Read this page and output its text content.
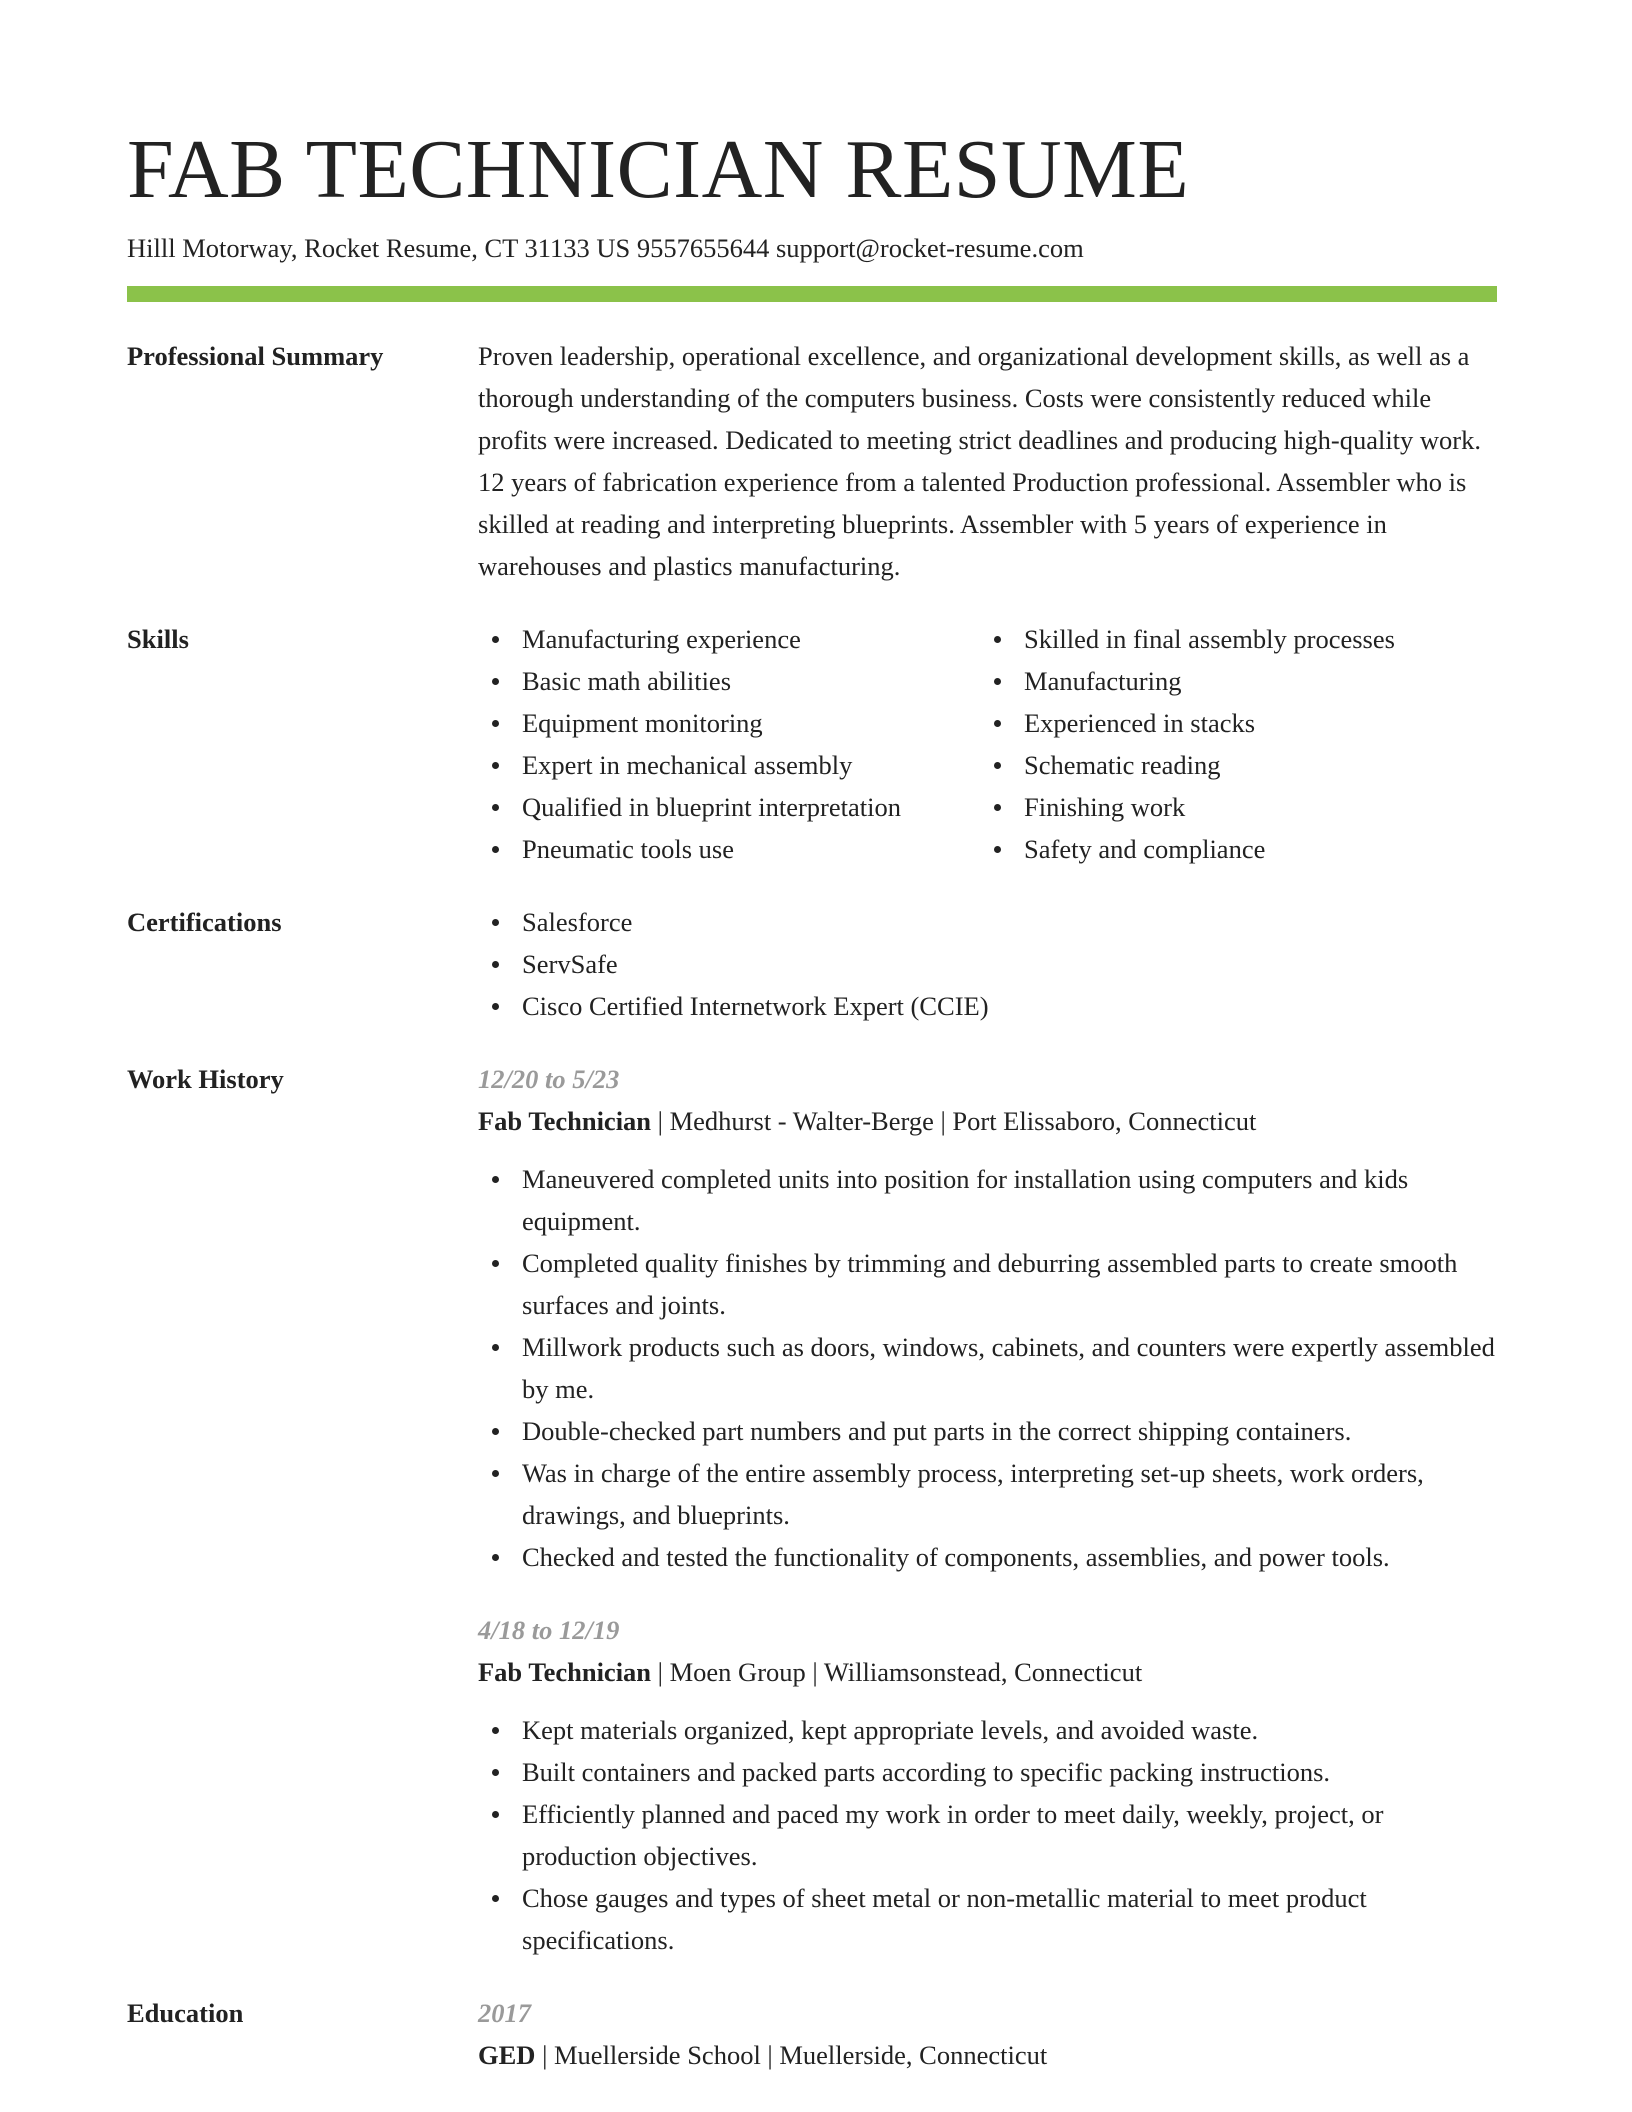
FAB TECHNICIAN RESUME
Hilll Motorway, Rocket Resume, CT 31133 US 9557655644 support@rocket-resume.com
Professional Summary	Proven leadership, operational excellence, and organizational development skills, as well as a thorough understanding of the computers business. Costs were consistently reduced while profits were increased. Dedicated to meeting strict deadlines and producing high-quality work. 12 years of fabrication experience from a talented Production professional. Assembler who is skilled at reading and interpreting blueprints. Assembler with 5 years of experience in warehouses and plastics manufacturing.

Skills	Manufacturing experience
Basic math abilities
Equipment monitoring
Expert in mechanical assembly
Qualified in blueprint interpretation
Pneumatic tools use
Skilled in final assembly processes
Manufacturing
Experienced in stacks
Schematic reading
Finishing work
Safety and compliance
Certifications	Salesforce
ServSafe
Cisco Certified Internetwork Expert (CCIE)
Work History	12/20 to 5/23
Fab Technician | Medhurst - Walter-Berge | Port Elissaboro, Connecticut
Maneuvered completed units into position for installation using computers and kids equipment.
Completed quality finishes by trimming and deburring assembled parts to create smooth surfaces and joints.
Millwork products such as doors, windows, cabinets, and counters were expertly assembled by me.
Double-checked part numbers and put parts in the correct shipping containers.
Was in charge of the entire assembly process, interpreting set-up sheets, work orders, drawings, and blueprints.
Checked and tested the functionality of components, assemblies, and power tools.
4/18 to 12/19
Fab Technician | Moen Group | Williamsonstead, Connecticut
Kept materials organized, kept appropriate levels, and avoided waste.
Built containers and packed parts according to specific packing instructions.
Efficiently planned and paced my work in order to meet daily, weekly, project, or production objectives.
Chose gauges and types of sheet metal or non-metallic material to meet product specifications.
Education	2017
GED | Muellerside School | Muellerside, Connecticut
